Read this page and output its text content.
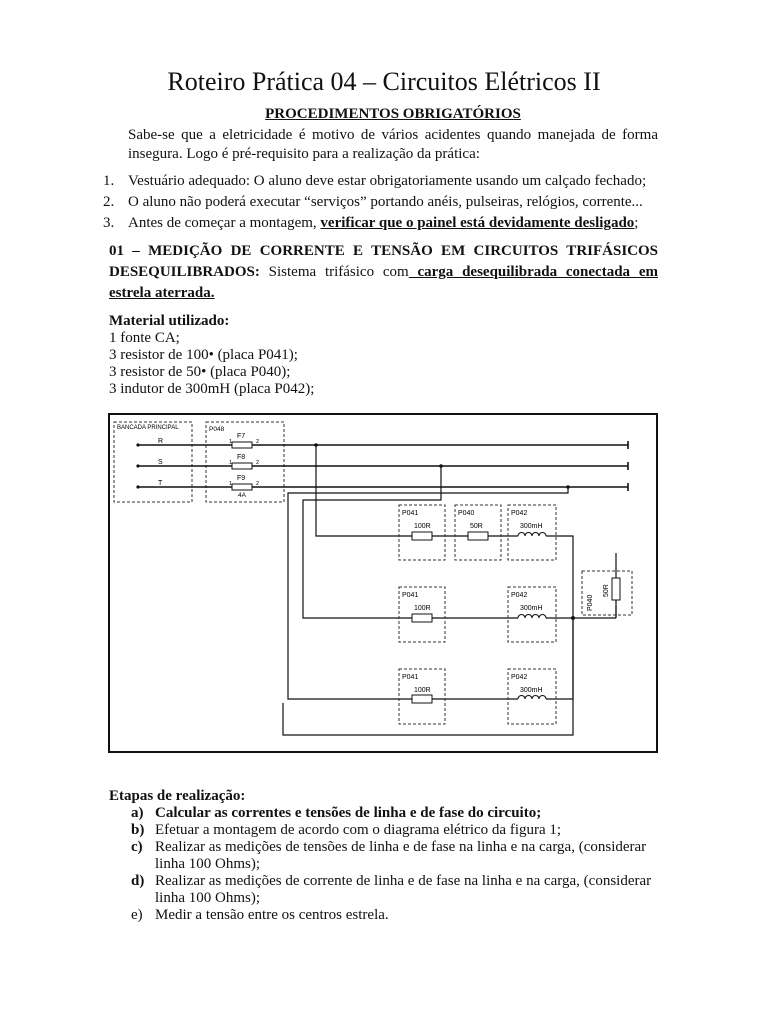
Roteiro Prática 04 – Circuitos Elétricos II
PROCEDIMENTOS OBRIGATÓRIOS
Sabe-se que a eletricidade é motivo de vários acidentes quando manejada de forma insegura. Logo é pré-requisito para a realização da prática:
1. Vestuário adequado: O aluno deve estar obrigatoriamente usando um calçado fechado;
2. O aluno não poderá executar “serviços” portando anéis, pulseiras, relógios, corrente...
3. Antes de começar a montagem, verificar que o painel está devidamente desligado;
01 – MEDIÇÃO DE CORRENTE E TENSÃO EM CIRCUITOS TRIFÁSICOS DESEQUILIBRADOS: Sistema trifásico com carga desequilibrada conectada em estrela aterrada.
Material utilizado:
1 fonte CA;
3 resistor de 100• (placa P041);
3 resistor de 50• (placa P040);
3 indutor de 300mH (placa P042);
BANCADA PRINCIPAL
R
S
T
P048
F7
F8
F9
4A
1	2
1	2
1	2
P041
100R
P040
50R
P042
300mH
P041
100R
P042
300mH
P041
100R
P042
300mH
P040
50R
Etapas de realização:
a) Calcular as correntes e tensões de linha e de fase do circuito;
b) Efetuar a montagem de acordo com o diagrama elétrico da figura 1;
c) Realizar as medições de tensões de linha e de fase na linha e na carga, (considerar linha 100 Ohms);
d) Realizar as medições de corrente de linha e de fase na linha e na carga, (considerar linha 100 Ohms);
e) Medir a tensão entre os centros estrela.
